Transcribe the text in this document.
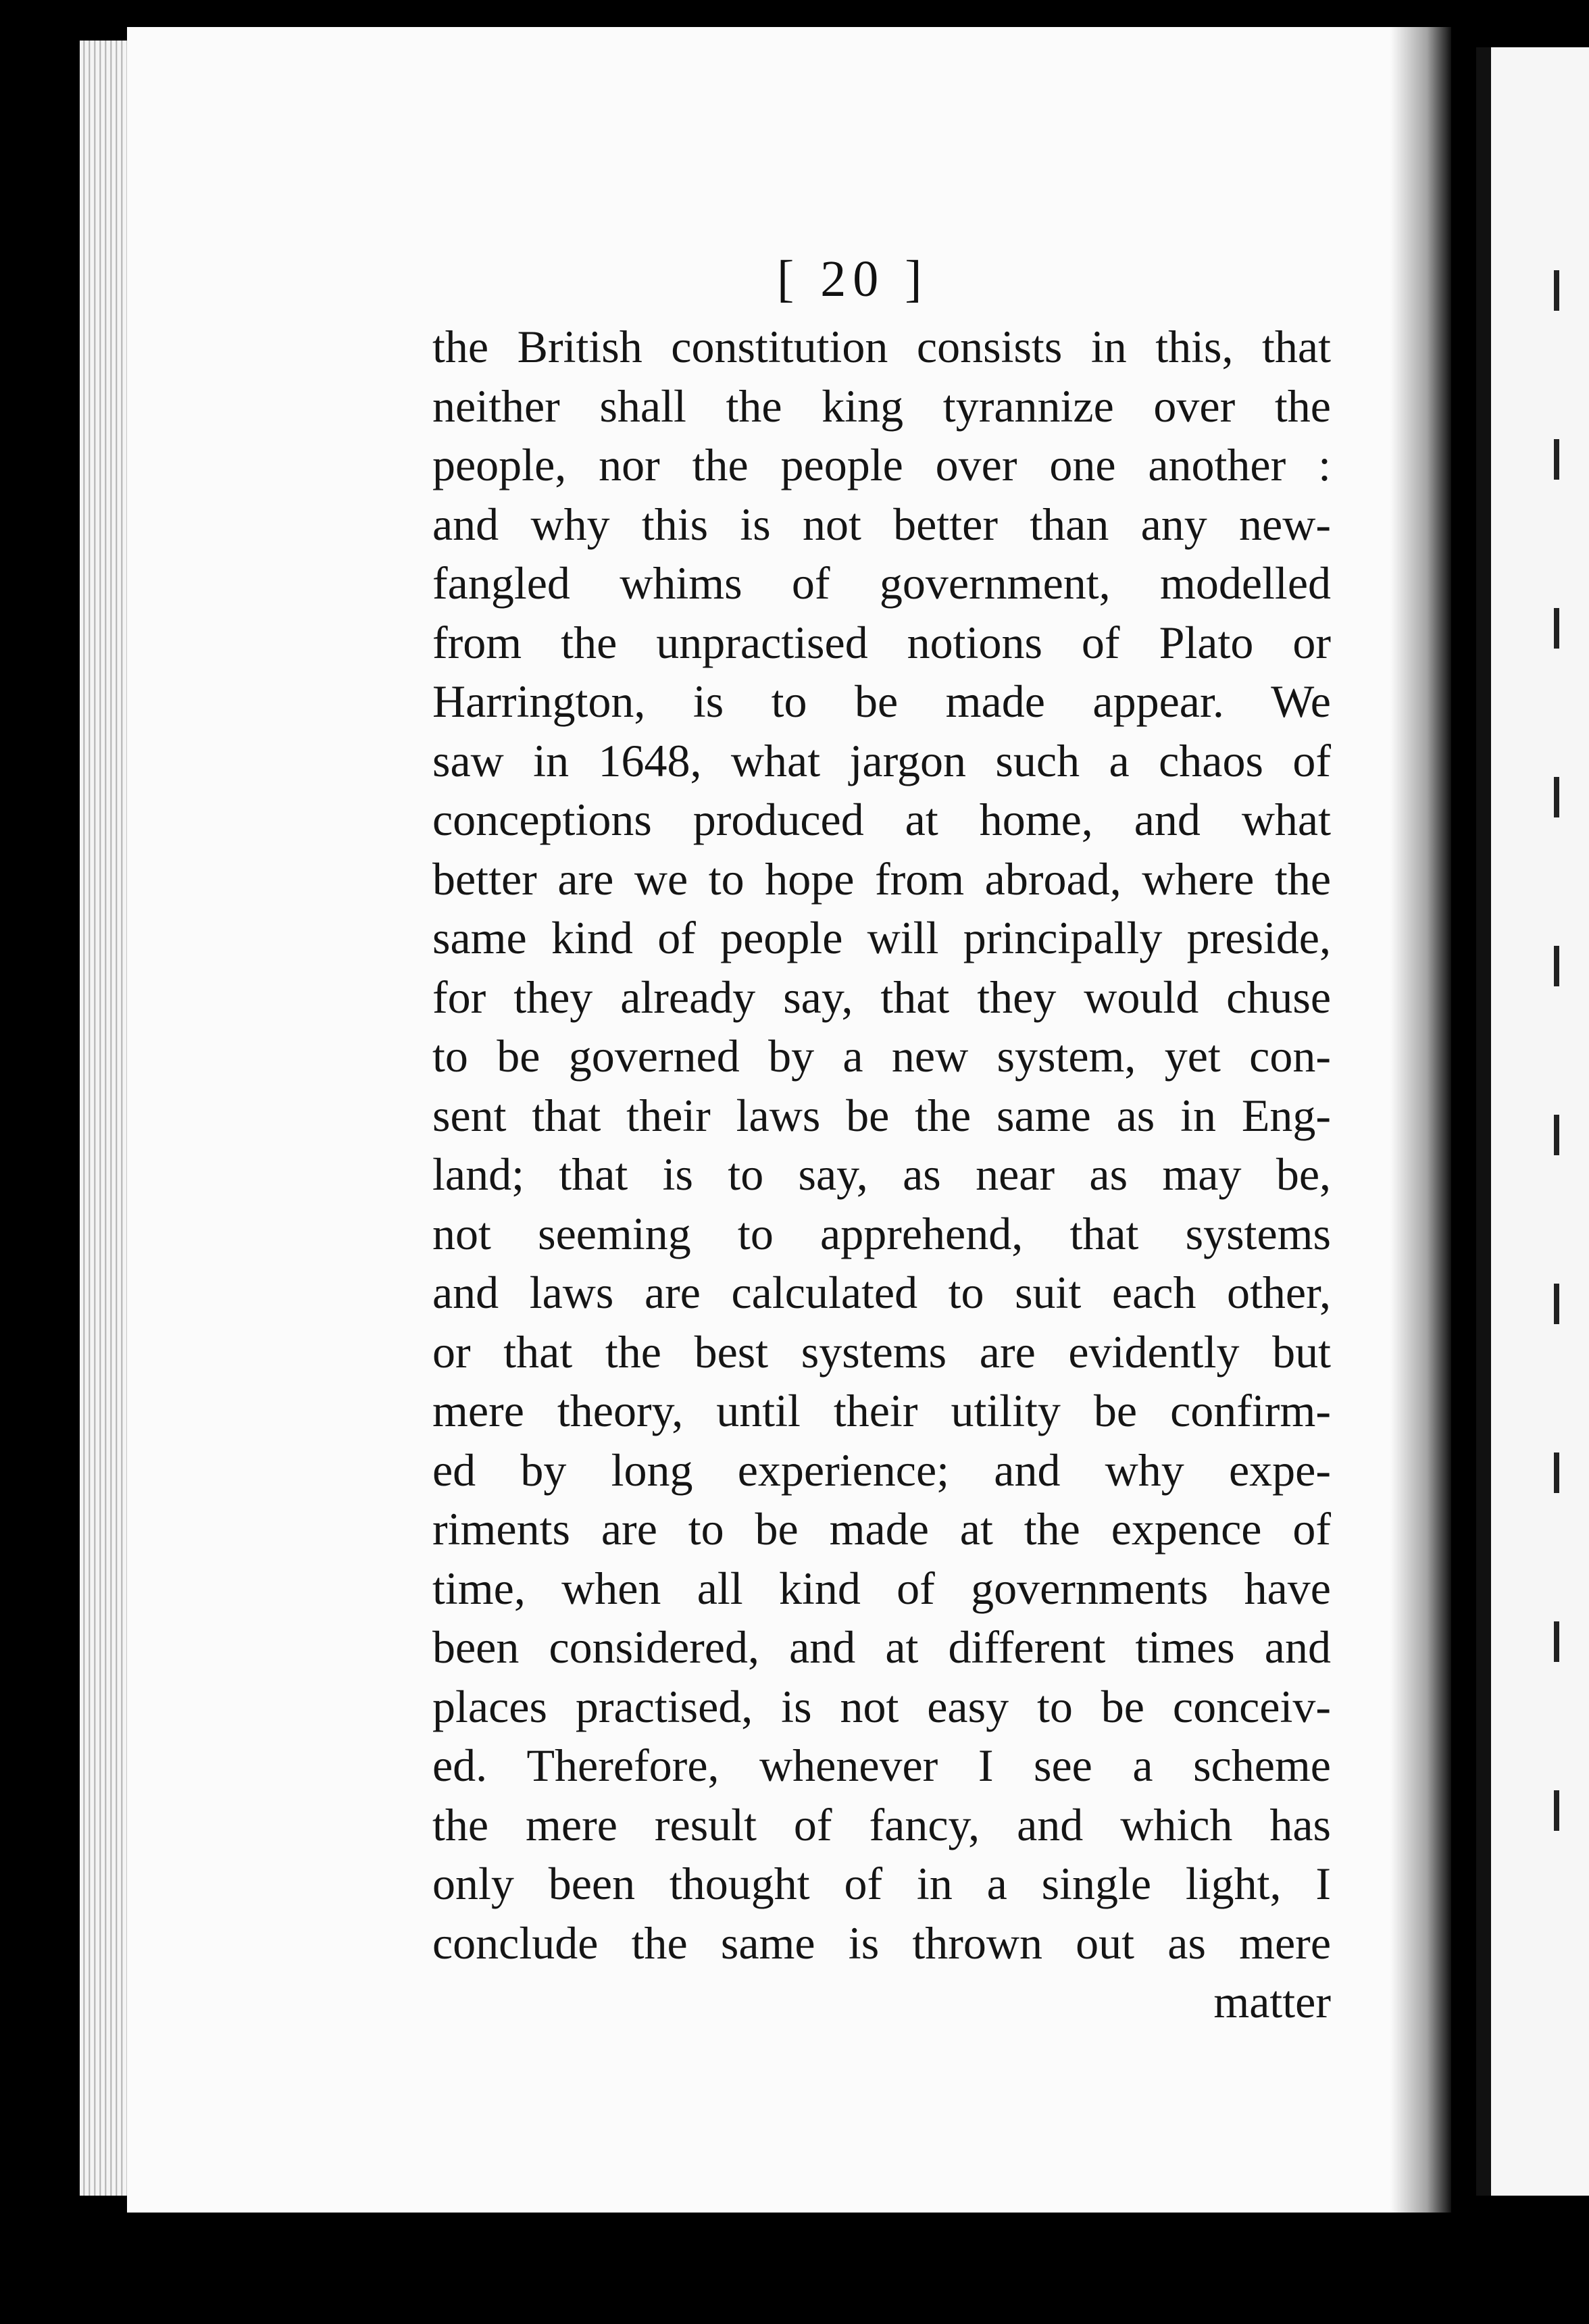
[ 20 ]
the British constitution consists in this, that
neither shall the king tyrannize over the
people, nor the people over one another :
and why this is not better than any new-
fangled whims of government, modelled
from the unpractised notions of Plato or
Harrington, is to be made appear. We
saw in 1648, what jargon such a chaos of
conceptions produced at home, and what
better are we to hope from abroad, where the
same kind of people will principally preside,
for they already say, that they would chuse
to be governed by a new system, yet con-
sent that their laws be the same as in Eng-
land; that is to say, as near as may be,
not seeming to apprehend, that systems
and laws are calculated to suit each other,
or that the best systems are evidently but
mere theory, until their utility be confirm-
ed by long experience; and why expe-
riments are to be made at the expence of
time, when all kind of governments have
been considered, and at different times and
places practised, is not easy to be conceiv-
ed. Therefore, whenever I see a scheme
the mere result of fancy, and which has
only been thought of in a single light, I
conclude the same is thrown out as mere
matter
